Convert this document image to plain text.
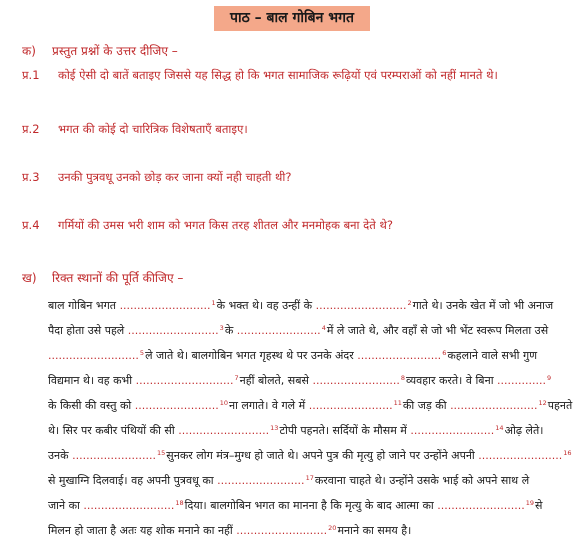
पाठ – बाल गोबिन भगत
क) प्रस्तुत प्रश्नों के उत्तर दीजिए –
प्र.1 कोई ऐसी दो बातें बताइए जिससे यह सिद्ध हो कि भगत सामाजिक रूढ़ियों एवं परम्पराओं को नहीं मानते थे।
प्र.2 भगत की कोई दो चारित्रिक विशेषताएँ बताइए।
प्र.3 उनकी पुत्रवधू उनको छोड़ कर जाना क्यों नही चाहती थी?
प्र.4 गर्मियों की उमस भरी शाम को भगत किस तरह शीतल और मनमोहक बना देते थे?
ख) रिक्त स्थानों की पूर्ति कीजिए –
बाल गोबिन भगत ..........................$^1$के भक्त थे। वह उन्हीं के ..........................$^2$गाते थे। उनके खेत में जो भी अनाज
पैदा होता उसे पहले ..........................$^3$के ........................$^4$में ले जाते थे, और वहाँ से जो भी भेंट स्वरूप मिलता उसे
..........................$^5$ले जाते थे। बालगोबिन भगत गृहस्थ थे पर उनके अंदर ........................$^6$कहलाने वाले सभी गुण
विद्यमान थे। वह कभी ............................$^7$नहीं बोलते, सबसे .........................$^8$व्यवहार करते। वे बिना ..............$^9$
के किसी की वस्तु को ........................$^{10}$ना लगाते। वे गले में ........................$^{11}$की जड़ की .........................$^{12}$पहनते
थे। सिर पर कबीर पंथियों की सी ..........................$^{13}$टोपी पहनते। सर्दियों के मौसम में ........................$^{14}$ओढ़ लेते।
उनके ........................$^{15}$सुनकर लोग मंत्र–मुग्ध हो जाते थे। अपने पुत्र की मृत्यु हो जाने पर उन्होंने अपनी ........................$^{16}$
से मुखाग्नि दिलवाई। वह अपनी पुत्रवधू का .........................$^{17}$करवाना चाहते थे। उन्होंने उसके भाई को अपने साथ ले
जाने का ..........................$^{18}$दिया। बालगोबिन भगत का मानना है कि मृत्यु के बाद आत्मा का .........................$^{19}$से
मिलन हो जाता है अतः यह शोक मनाने का नहीं ..........................$^{20}$मनाने का समय है।
